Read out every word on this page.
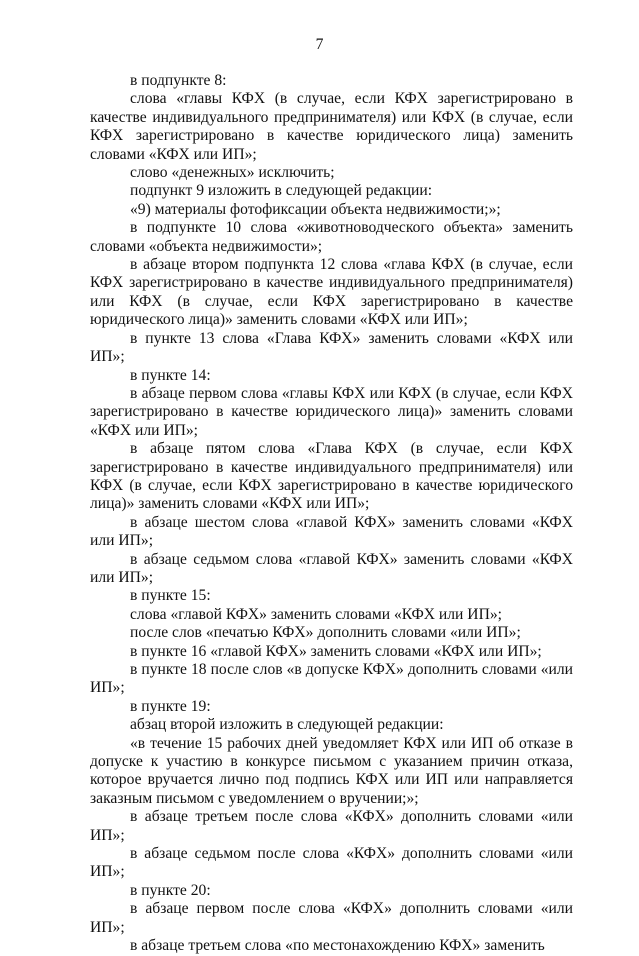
7

в подпункте 8:

слова «главы КФХ (в случае, если КФХ зарегистрировано в качестве индивидуального предпринимателя) или КФХ (в случае, если КФХ зарегистрировано в качестве юридического лица) заменить словами «КФХ или ИП»;

слово «денежных» исключить;

подпункт 9 изложить в следующей редакции:

«9) материалы фотофиксации объекта недвижимости;»;

в подпункте 10 слова «животноводческого объекта» заменить словами «объекта недвижимости»;

в абзаце втором подпункта 12 слова «глава КФХ (в случае, если КФХ зарегистрировано в качестве индивидуального предпринимателя) или КФХ (в случае, если КФХ зарегистрировано в качестве юридического лица)» заменить словами «КФХ или ИП»;

в пункте 13 слова «Глава КФХ» заменить словами «КФХ или ИП»;

в пункте 14:

в абзаце первом слова «главы КФХ или КФХ (в случае, если КФХ зарегистрировано в качестве юридического лица)» заменить словами «КФХ или ИП»;

в абзаце пятом слова «Глава КФХ (в случае, если КФХ зарегистрировано в качестве индивидуального предпринимателя) или КФХ (в случае, если КФХ зарегистрировано в качестве юридического лица)» заменить словами «КФХ или ИП»;

в абзаце шестом слова «главой КФХ» заменить словами «КФХ или ИП»;

в абзаце седьмом слова «главой КФХ» заменить словами «КФХ или ИП»;

в пункте 15:

слова «главой КФХ» заменить словами «КФХ или ИП»;

после слов «печатью КФХ» дополнить словами «или ИП»;

в пункте 16 «главой КФХ» заменить словами «КФХ или ИП»;

в пункте 18 после слов «в допуске КФХ» дополнить словами «или ИП»;

в пункте 19:

абзац второй изложить в следующей редакции:

«в течение 15 рабочих дней уведомляет КФХ или ИП об отказе в допуске к участию в конкурсе письмом с указанием причин отказа, которое вручается лично под подпись КФХ или ИП или направляется заказным письмом с уведомлением о вручении;»;

в абзаце третьем после слова «КФХ» дополнить словами «или ИП»;

в абзаце седьмом после слова «КФХ» дополнить словами «или ИП»;

в пункте 20:

в абзаце первом после слова «КФХ» дополнить словами «или ИП»;

в абзаце третьем слова «по местонахождению КФХ» заменить
